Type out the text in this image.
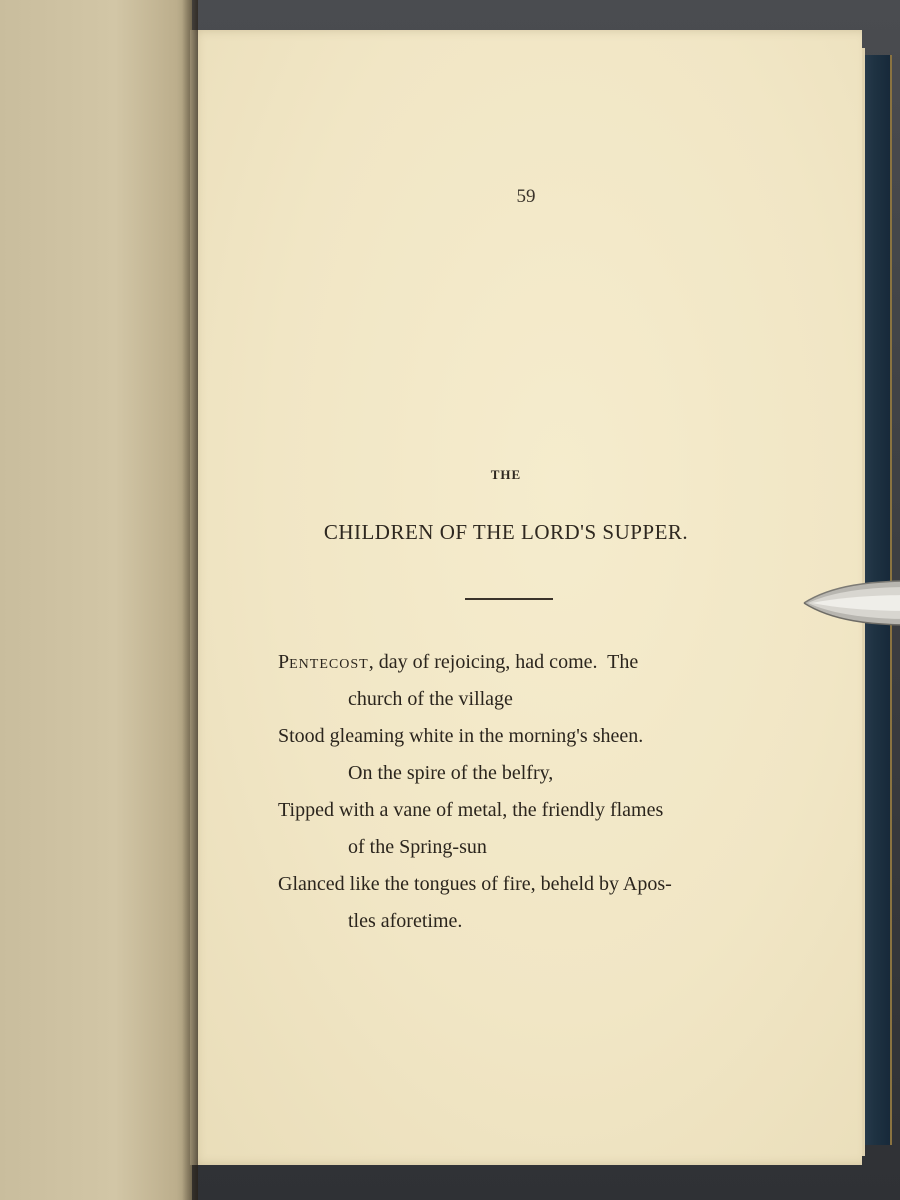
59
THE
CHILDREN OF THE LORD'S SUPPER.
PENTECOST, day of rejoicing, had come.  The
church of the village
Stood gleaming white in the morning's sheen.
On the spire of the belfry,
Tipped with a vane of metal, the friendly flames
of the Spring-sun
Glanced like the tongues of fire, beheld by Apos-
tles aforetime.
